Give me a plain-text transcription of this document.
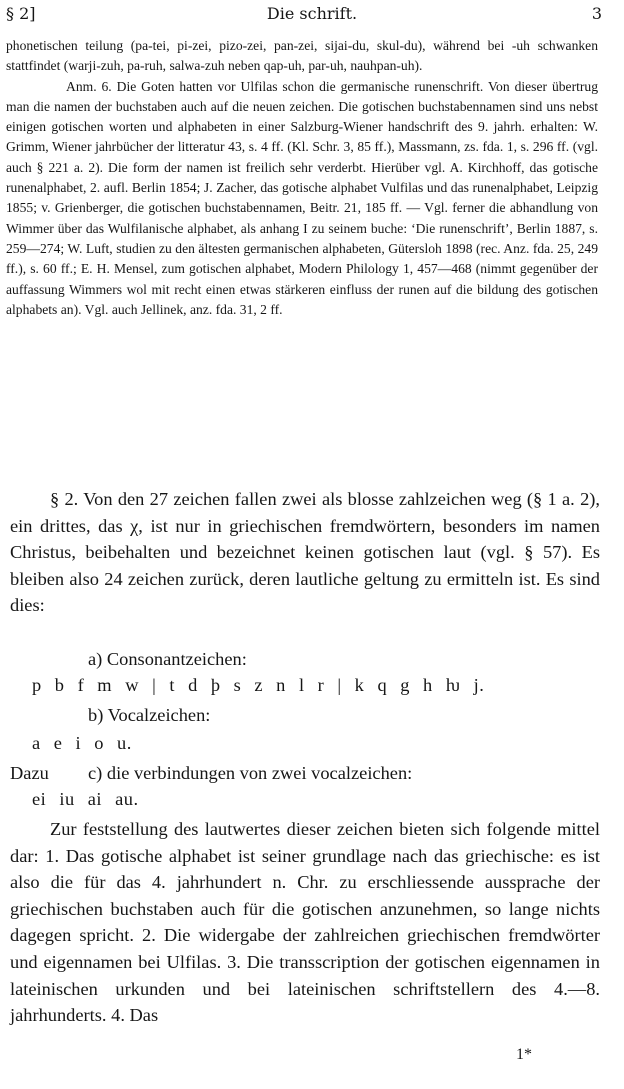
§ 2]	Die schrift.	3

phonetischen teilung (pa-tei, pi-zei, pizo-zei, pan-zei, sijai-du, skul-du), während bei -uh schwanken stattfindet (warji-zuh, pa-ruh, salwa-zuh neben qap-uh, par-uh, nauhpan-uh).

Anm. 6. Die Goten hatten vor Ulfilas schon die germanische runenschrift. Von dieser übertrug man die namen der buchstaben auch auf die neuen zeichen. Die gotischen buchstabennamen sind uns nebst einigen gotischen worten und alphabeten in einer Salzburg-Wiener handschrift des 9. jahrh. erhalten: W. Grimm, Wiener jahrbücher der litteratur 43, s. 4 ff. (Kl. Schr. 3, 85 ff.), Massmann, zs. fda. 1, s. 296 ff. (vgl. auch § 221 a. 2). Die form der namen ist freilich sehr verderbt. Hierüber vgl. A. Kirchhoff, das gotische runenalphabet, 2. aufl. Berlin 1854; J. Zacher, das gotische alphabet Vulfilas und das runenalphabet, Leipzig 1855; v. Grienberger, die gotischen buchstabennamen, Beitr. 21, 185 ff. — Vgl. ferner die abhandlung von Wimmer über das Wulfilanische alphabet, als anhang I zu seinem buche: ‘Die runenschrift’, Berlin 1887, s. 259—274; W. Luft, studien zu den ältesten germanischen alphabeten, Gütersloh 1898 (rec. Anz. fda. 25, 249 ff.), s. 60 ff.; E. H. Mensel, zum gotischen alphabet, Modern Philology 1, 457—468 (nimmt gegenüber der auffassung Wimmers wol mit recht einen etwas stärkeren einfluss der runen auf die bildung des gotischen alphabets an). Vgl. auch Jellinek, anz. fda. 31, 2 ff.

§ 2. Von den 27 zeichen fallen zwei als blosse zahlzeichen weg (§ 1 a. 2), ein drittes, das χ, ist nur in griechischen fremdwörtern, besonders im namen Christus, beibehalten und bezeichnet keinen gotischen laut (vgl. § 57). Es bleiben also 24 zeichen zurück, deren lautliche geltung zu ermitteln ist. Es sind dies:

a) Consonantzeichen:
p b f m w | t d þ s z n l r | k q g h ƕ j.
b) Vocalzeichen:
a e i o u.
Dazu c) die verbindungen von zwei vocalzeichen:
ei iu ai au.

Zur feststellung des lautwertes dieser zeichen bieten sich folgende mittel dar: 1. Das gotische alphabet ist seiner grundlage nach das griechische: es ist also die für das 4. jahrhundert n. Chr. zu erschliessende aussprache der griechischen buchstaben auch für die gotischen anzunehmen, so lange nichts dagegen spricht. 2. Die widergabe der zahlreichen griechischen fremdwörter und eigennamen bei Ulfilas. 3. Die transscription der gotischen eigennamen in lateinischen urkunden und bei lateinischen schriftstellern des 4.—8. jahrhunderts. 4. Das

1*
